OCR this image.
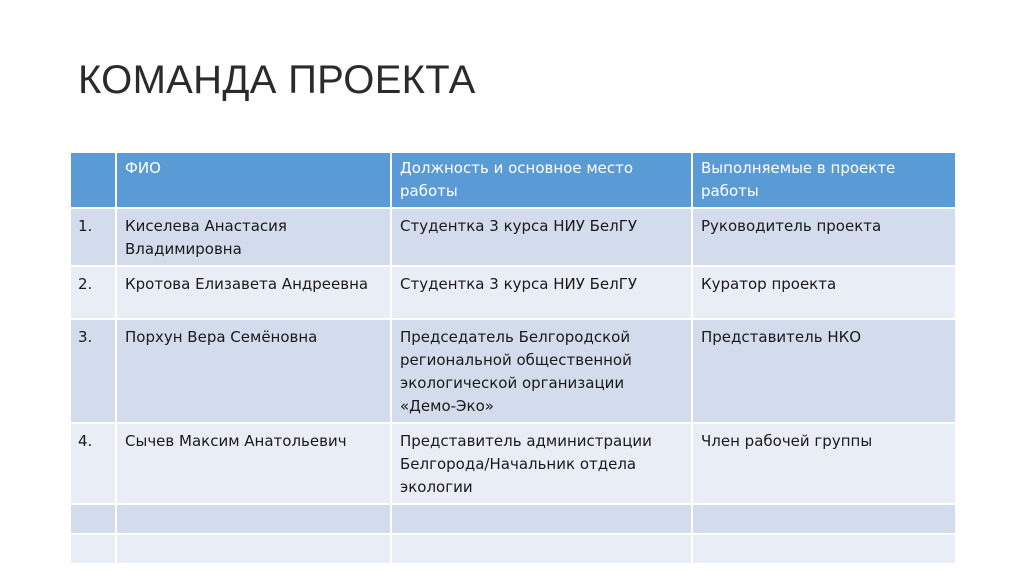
КОМАНДА ПРОЕКТА
	ФИО	Должность и основное место работы	Выполняемые в проекте работы
1.	Киселева Анастасия Владимировна	Студентка 3 курса НИУ БелГУ	Руководитель проекта
2.	Кротова Елизавета Андреевна	Студентка 3 курса НИУ БелГУ	Куратор проекта
3.	Порхун Вера Семёновна	Председатель Белгородской региональной общественной экологической организации «Демо-Эко»	Представитель НКО
4.	Сычев Максим Анатольевич	Представитель администрации Белгорода/Начальник отдела экологии	Член рабочей группы
